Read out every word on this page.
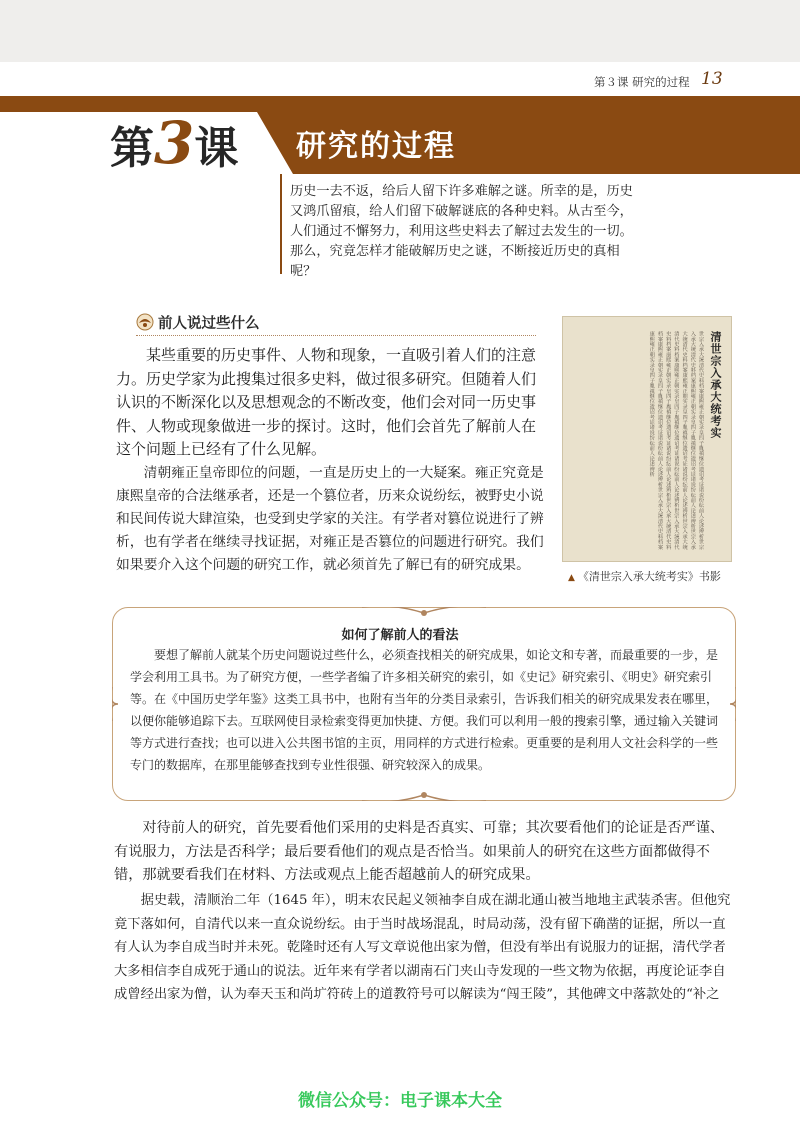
第３课 研究的过程 13
第3课	研究的过程
历史一去不返，给后人留下许多难解之谜。所幸的是，历史又鸿爪留痕，给人们留下破解谜底的各种史料。从古至今，人们通过不懈努力，利用这些史料去了解过去发生的一切。那么，究竟怎样才能破解历史之谜，不断接近历史的真相呢？
前人说过些什么
某些重要的历史事件、人物和现象，一直吸引着人们的注意力。历史学家为此搜集过很多史料，做过很多研究。但随着人们认识的不断深化以及思想观念的不断改变，他们会对同一历史事件、人物或现象做进一步的探讨。这时，他们会首先了解前人在这个问题上已经有了什么见解。
清朝雍正皇帝即位的问题，一直是历史上的一大疑案。雍正究竟是康熙皇帝的合法继承者，还是一个篡位者，历来众说纷纭，被野史小说和民间传说大肆渲染，也受到史学家的关注。有学者对篡位说进行了辨析，也有学者在继续寻找证据，对雍正是否篡位的问题进行研究。我们如果要介入这个问题的研究工作，就必须首先了解已有的研究成果。
清世宗入承大统考实
世宗入承大统清代史料档案康熙雍正朝实录皇四子胤禛继位遗诏考证诸说纷纭前人论述辨析世宗入承大统清代史料档案康熙雍正朝实录皇四子胤禛继位遗诏考证诸说纷纭前人论述辨析世宗入承大统清代史料档案康熙雍正朝实录皇四子胤禛继位遗诏考证诸说纷纭前人论述辨析世宗入承大统清代史料档案康熙雍正朝实录皇四子胤禛继位遗诏考证诸说纷纭前人论述辨析世宗入承大统清代史料档案康熙雍正朝实录皇四子胤禛继位遗诏考证诸说纷纭前人论述辨析世宗入承大统清代史料档案康熙雍正朝实录皇四子胤禛继位遗诏考证诸说纷纭前人论述辨析世宗入承大统清代史料档案康熙雍正朝实录皇四子胤禛继位遗诏考证诸说纷纭前人论述辨析
▲ 《清世宗入承大统考实》书影
如何了解前人的看法
要想了解前人就某个历史问题说过些什么，必须查找相关的研究成果，如论文和专著，而最重要的一步，是学会利用工具书。为了研究方便，一些学者编了许多相关研究的索引，如《史记》研究索引、《明史》研究索引等。在《中国历史学年鉴》这类工具书中，也附有当年的分类目录索引，告诉我们相关的研究成果发表在哪里，以便你能够追踪下去。互联网使目录检索变得更加快捷、方便。我们可以利用一般的搜索引擎，通过输入关键词等方式进行查找；也可以进入公共图书馆的主页，用同样的方式进行检索。更重要的是利用人文社会科学的一些专门的数据库，在那里能够查找到专业性很强、研究较深入的成果。
对待前人的研究，首先要看他们采用的史料是否真实、可靠；其次要看他们的论证是否严谨、有说服力，方法是否科学；最后要看他们的观点是否恰当。如果前人的研究在这些方面都做得不错，那就要看我们在材料、方法或观点上能否超越前人的研究成果。
据史载，清顺治二年（1645 年），明末农民起义领袖李自成在湖北通山被当地地主武装杀害。但他究竟下落如何，自清代以来一直众说纷纭。由于当时战场混乱，时局动荡，没有留下确凿的证据，所以一直有人认为李自成当时并未死。乾隆时还有人写文章说他出家为僧，但没有举出有说服力的证据，清代学者大多相信李自成死于通山的说法。近年来有学者以湖南石门夹山寺发现的一些文物为依据，再度论证李自成曾经出家为僧，认为奉天玉和尚圹符砖上的道教符号可以解读为“闯王陵”，其他碑文中落款处的“补之
微信公众号：电子课本大全
